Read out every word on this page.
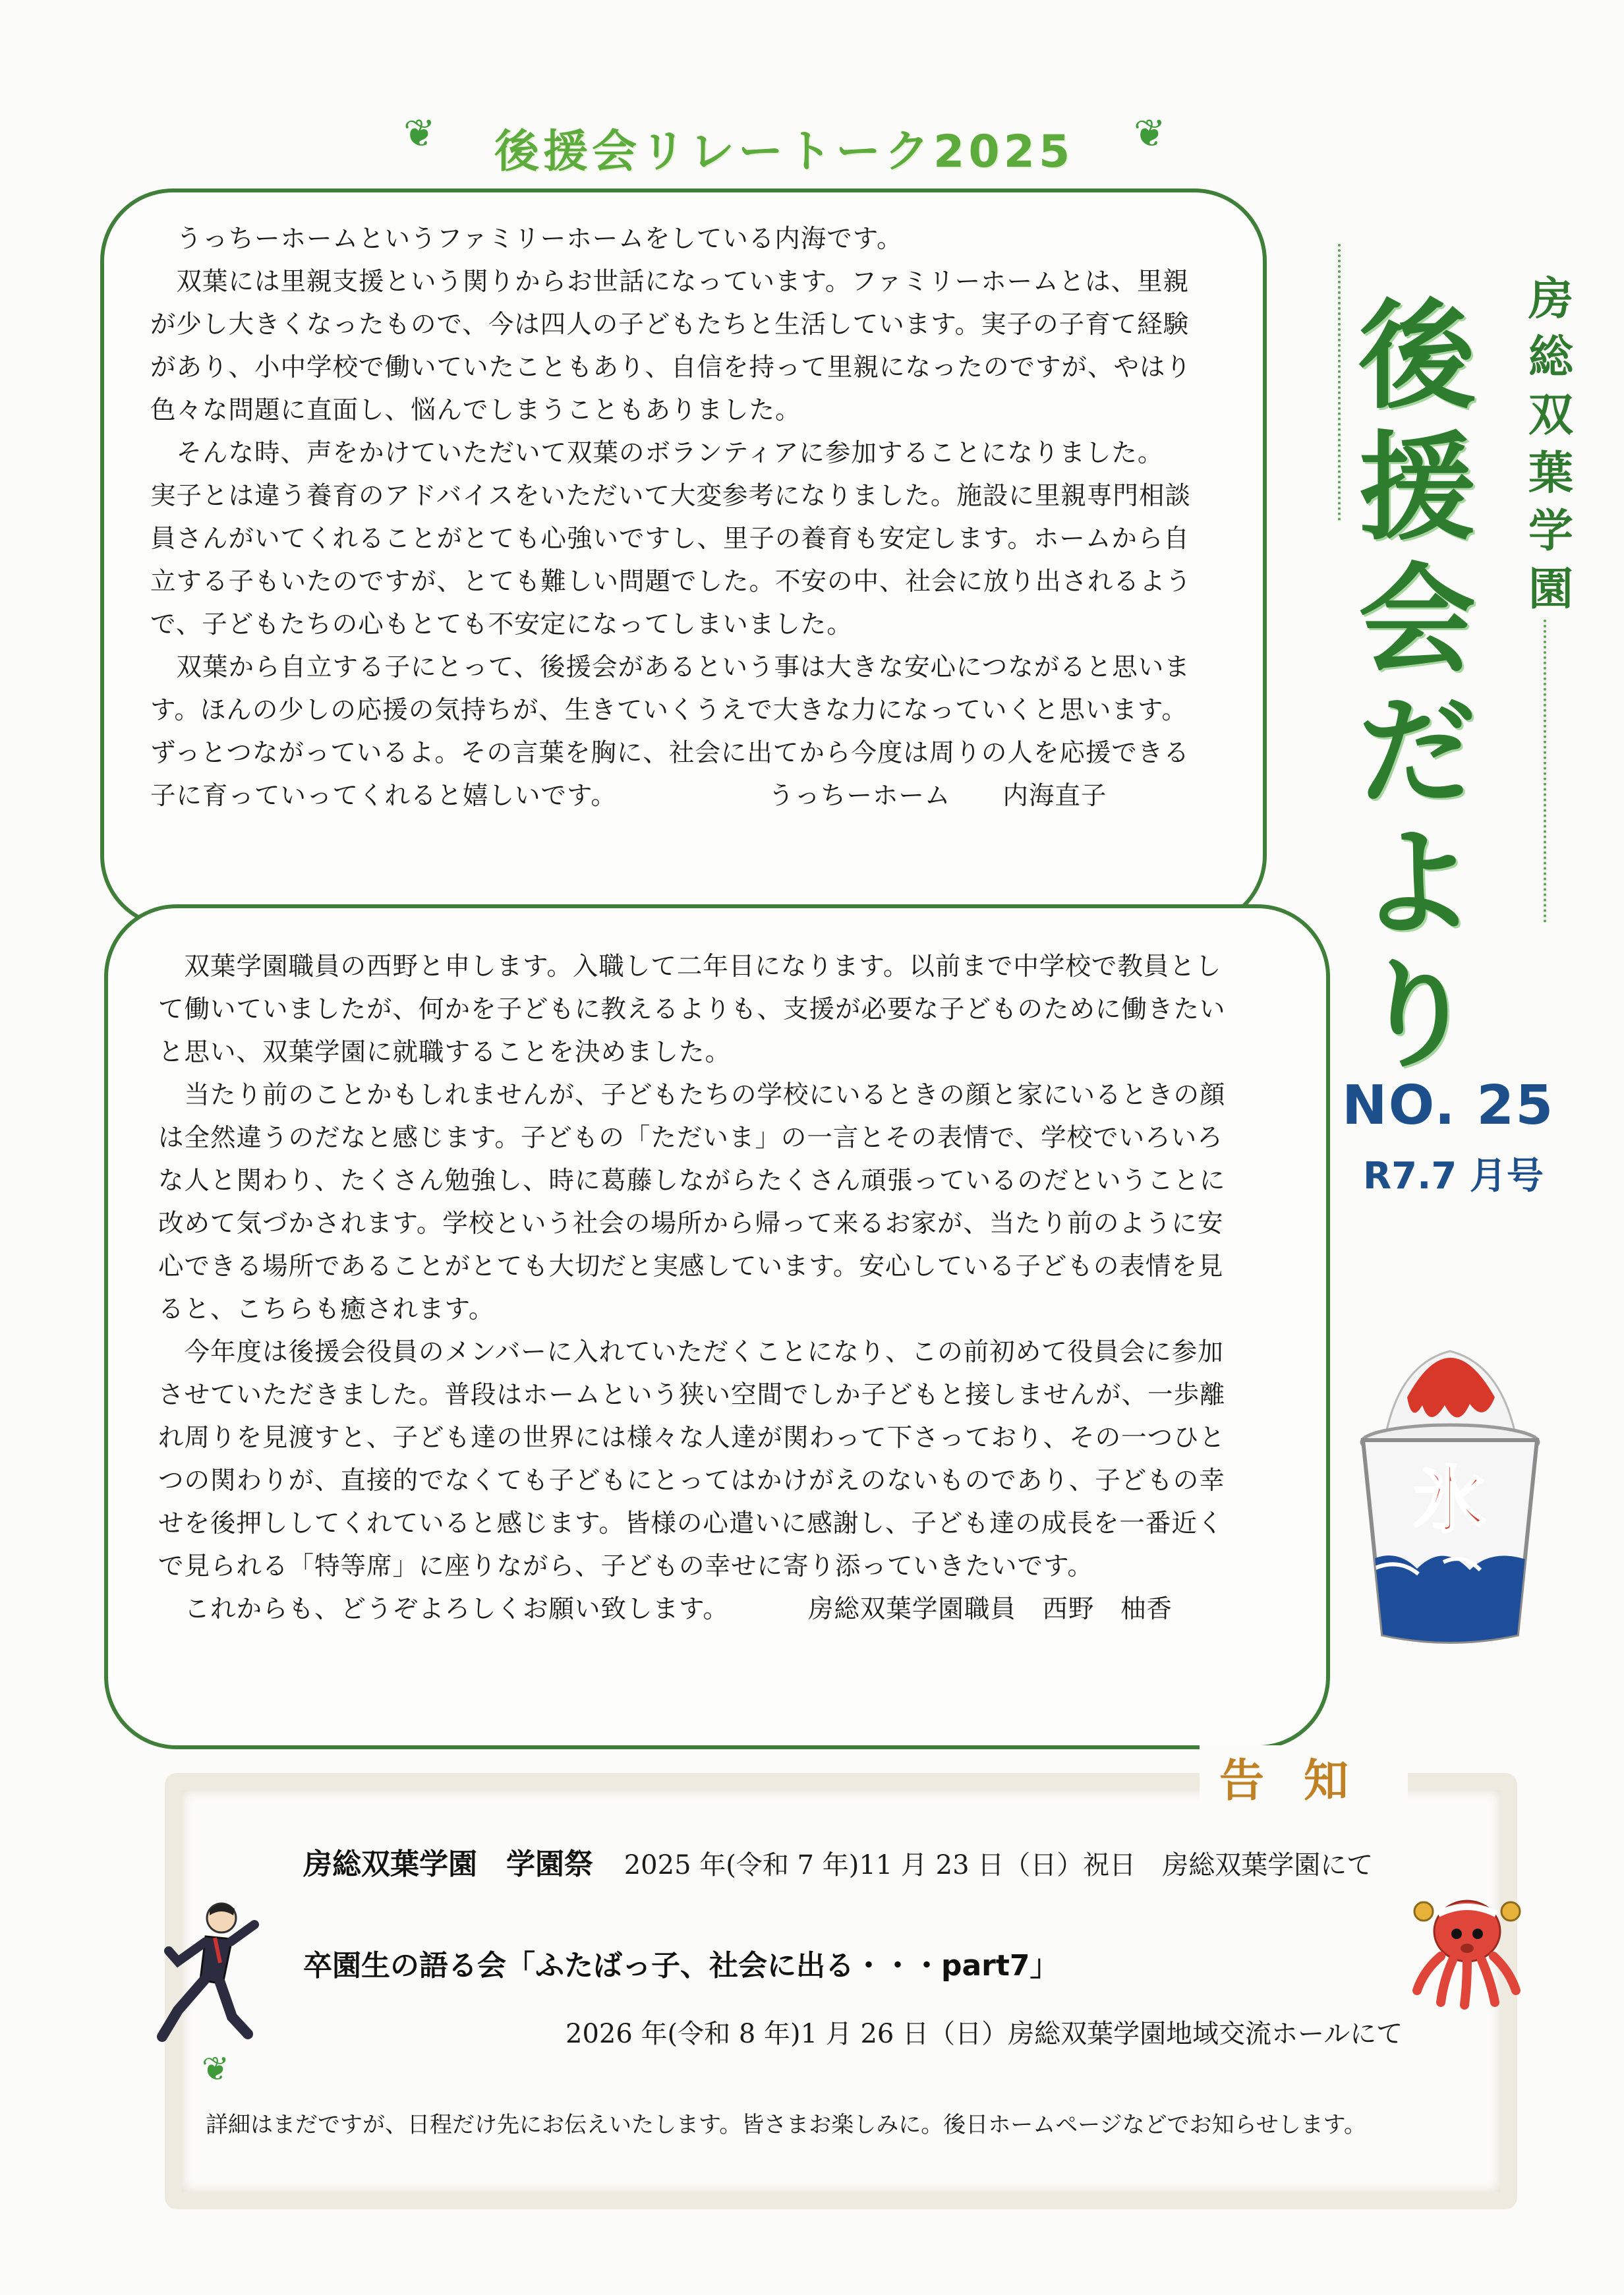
❦	❦
後援会リレートーク2025
　うっちーホームというファミリーホームをしている内海です。
　双葉には里親支援という関りからお世話になっています。ファミリーホームとは、里親
が少し大きくなったもので、今は四人の子どもたちと生活しています。実子の子育て経験
があり、小中学校で働いていたこともあり、自信を持って里親になったのですが、やはり
色々な問題に直面し、悩んでしまうこともありました。
　そんな時、声をかけていただいて双葉のボランティアに参加することになりました。
実子とは違う養育のアドバイスをいただいて大変参考になりました。施設に里親専門相談
員さんがいてくれることがとても心強いですし、里子の養育も安定します。ホームから自
立する子もいたのですが、とても難しい問題でした。不安の中、社会に放り出されるよう
で、子どもたちの心もとても不安定になってしまいました。
　双葉から自立する子にとって、後援会があるという事は大きな安心につながると思いま
す。ほんの少しの応援の気持ちが、生きていくうえで大きな力になっていくと思います。
ずっとつながっているよ。その言葉を胸に、社会に出てから今度は周りの人を応援できる
子に育っていってくれると嬉しいです。	うっちーホーム　　内海直子
　双葉学園職員の西野と申します。入職して二年目になります。以前まで中学校で教員とし
て働いていましたが、何かを子どもに教えるよりも、支援が必要な子どものために働きたい
と思い、双葉学園に就職することを決めました。
　当たり前のことかもしれませんが、子どもたちの学校にいるときの顔と家にいるときの顔
は全然違うのだなと感じます。子どもの「ただいま」の一言とその表情で、学校でいろいろ
な人と関わり、たくさん勉強し、時に葛藤しながらたくさん頑張っているのだということに
改めて気づかされます。学校という社会の場所から帰って来るお家が、当たり前のように安
心できる場所であることがとても大切だと実感しています。安心している子どもの表情を見
ると、こちらも癒されます。
　今年度は後援会役員のメンバーに入れていただくことになり、この前初めて役員会に参加
させていただきました。普段はホームという狭い空間でしか子どもと接しませんが、一歩離
れ周りを見渡すと、子ども達の世界には様々な人達が関わって下さっており、その一つひと
つの関わりが、直接的でなくても子どもにとってはかけがえのないものであり、子どもの幸
せを後押ししてくれていると感じます。皆様の心遣いに感謝し、子ども達の成長を一番近く
で見られる「特等席」に座りながら、子どもの幸せに寄り添っていきたいです。
　これからも、どうぞよろしくお願い致します。	房総双葉学園職員　西野　柚香
房総双葉学園
後援会だより
NO. 25
R7.7 月号
氷
告知
房総双葉学園　学園祭 2025 年(令和 7 年)11 月 23 日（日）祝日　房総双葉学園にて
卒園生の語る会「ふたばっ子、社会に出る・・・part7」
2026 年(令和 8 年)1 月 26 日（日）房総双葉学園地域交流ホールにて
詳細はまだですが、日程だけ先にお伝えいたします。皆さまお楽しみに。後日ホームページなどでお知らせします。
❦
